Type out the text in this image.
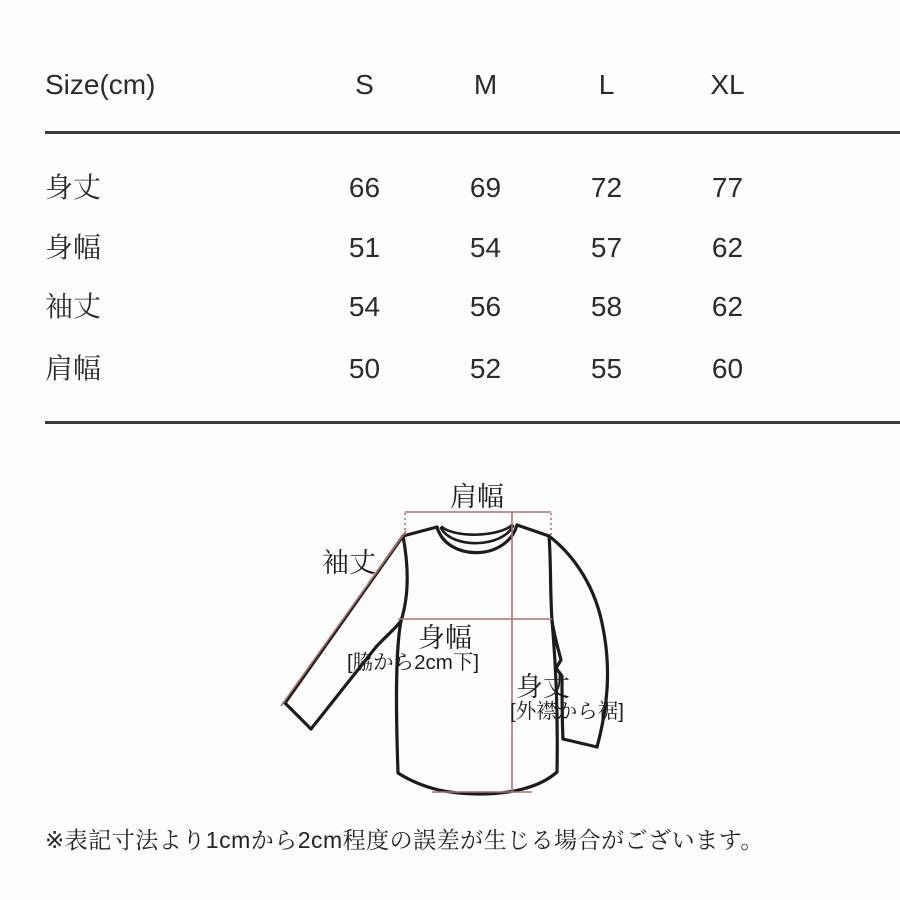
Size(cm)	S	M	L	XL
身丈	66	69	72	77
身幅	51	54	57	62
袖丈	54	56	58	62
肩幅	50	52	55	60
肩幅
袖丈
身幅
[脇から2cm下]
身丈
[外襟から裾]
※表記寸法より1cmから2cm程度の誤差が生じる場合がございます。
